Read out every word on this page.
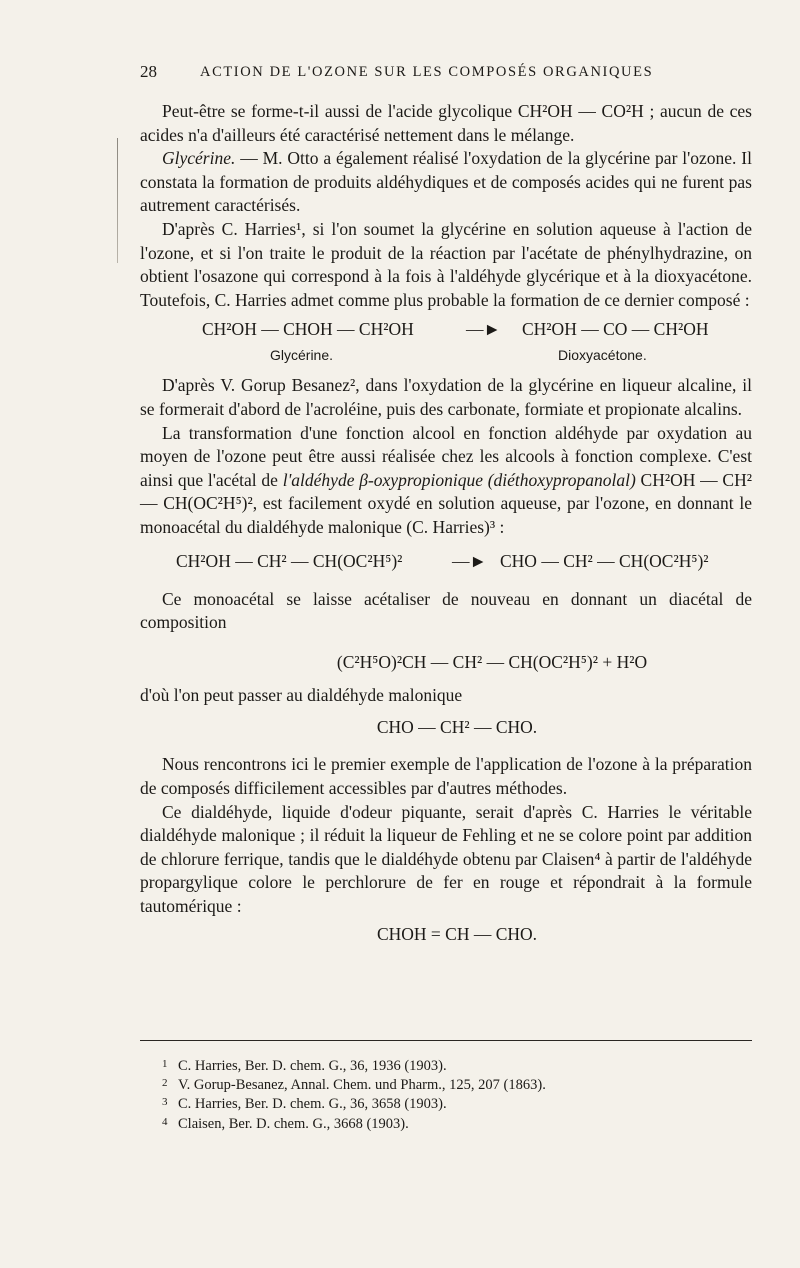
28	ACTION DE L'OZONE SUR LES COMPOSÉS ORGANIQUES

Peut-être se forme-t-il aussi de l'acide glycolique CH²OH — CO²H ; aucun de ces acides n'a d'ailleurs été caractérisé nettement dans le mélange.

Glycérine. — M. Otto a également réalisé l'oxydation de la glycérine par l'ozone. Il constata la formation de produits aldéhydiques et de composés acides qui ne furent pas autrement caractérisés.

D'après C. Harries¹, si l'on soumet la glycérine en solution aqueuse à l'action de l'ozone, et si l'on traite le produit de la réaction par l'acétate de phénylhydrazine, on obtient l'osazone qui correspond à la fois à l'aldéhyde glycérique et à la dioxyacétone. Toutefois, C. Harries admet comme plus probable la formation de ce dernier composé :

CH²OH — CHOH — CH²OH	—► CH²OH — CO — CH²OH
Glycérine.	Dioxyacétone.

D'après V. Gorup Besanez², dans l'oxydation de la glycérine en liqueur alcaline, il se formerait d'abord de l'acroléine, puis des carbonate, formiate et propionate alcalins.

La transformation d'une fonction alcool en fonction aldéhyde par oxydation au moyen de l'ozone peut être aussi réalisée chez les alcools à fonction complexe. C'est ainsi que l'acétal de l'aldéhyde β-oxypropionique (diéthoxypropanolal) CH²OH — CH² — CH(OC²H⁵)², est facilement oxydé en solution aqueuse, par l'ozone, en donnant le monoacétal du dialdéhyde malonique (C. Harries)³ :

CH²OH — CH² — CH(OC²H⁵)²	—► CHO — CH² — CH(OC²H⁵)²

Ce monoacétal se laisse acétaliser de nouveau en donnant un diacétal de composition

(C²H⁵O)²CH — CH² — CH(OC²H⁵)² + H²O

d'où l'on peut passer au dialdéhyde malonique

CHO — CH² — CHO.

Nous rencontrons ici le premier exemple de l'application de l'ozone à la préparation de composés difficilement accessibles par d'autres méthodes.

Ce dialdéhyde, liquide d'odeur piquante, serait d'après C. Harries le véritable dialdéhyde malonique ; il réduit la liqueur de Fehling et ne se colore point par addition de chlorure ferrique, tandis que le dialdéhyde obtenu par Claisen⁴ à partir de l'aldéhyde propargylique colore le perchlorure de fer en rouge et répondrait à la formule tautomérique :

CHOH = CH — CHO.

1 C. Harries, Ber. D. chem. G., 36, 1936 (1903).
2 V. Gorup-Besanez, Annal. Chem. und Pharm., 125, 207 (1863).
3 C. Harries, Ber. D. chem. G., 36, 3658 (1903).
4 Claisen, Ber. D. chem. G., 3668 (1903).
